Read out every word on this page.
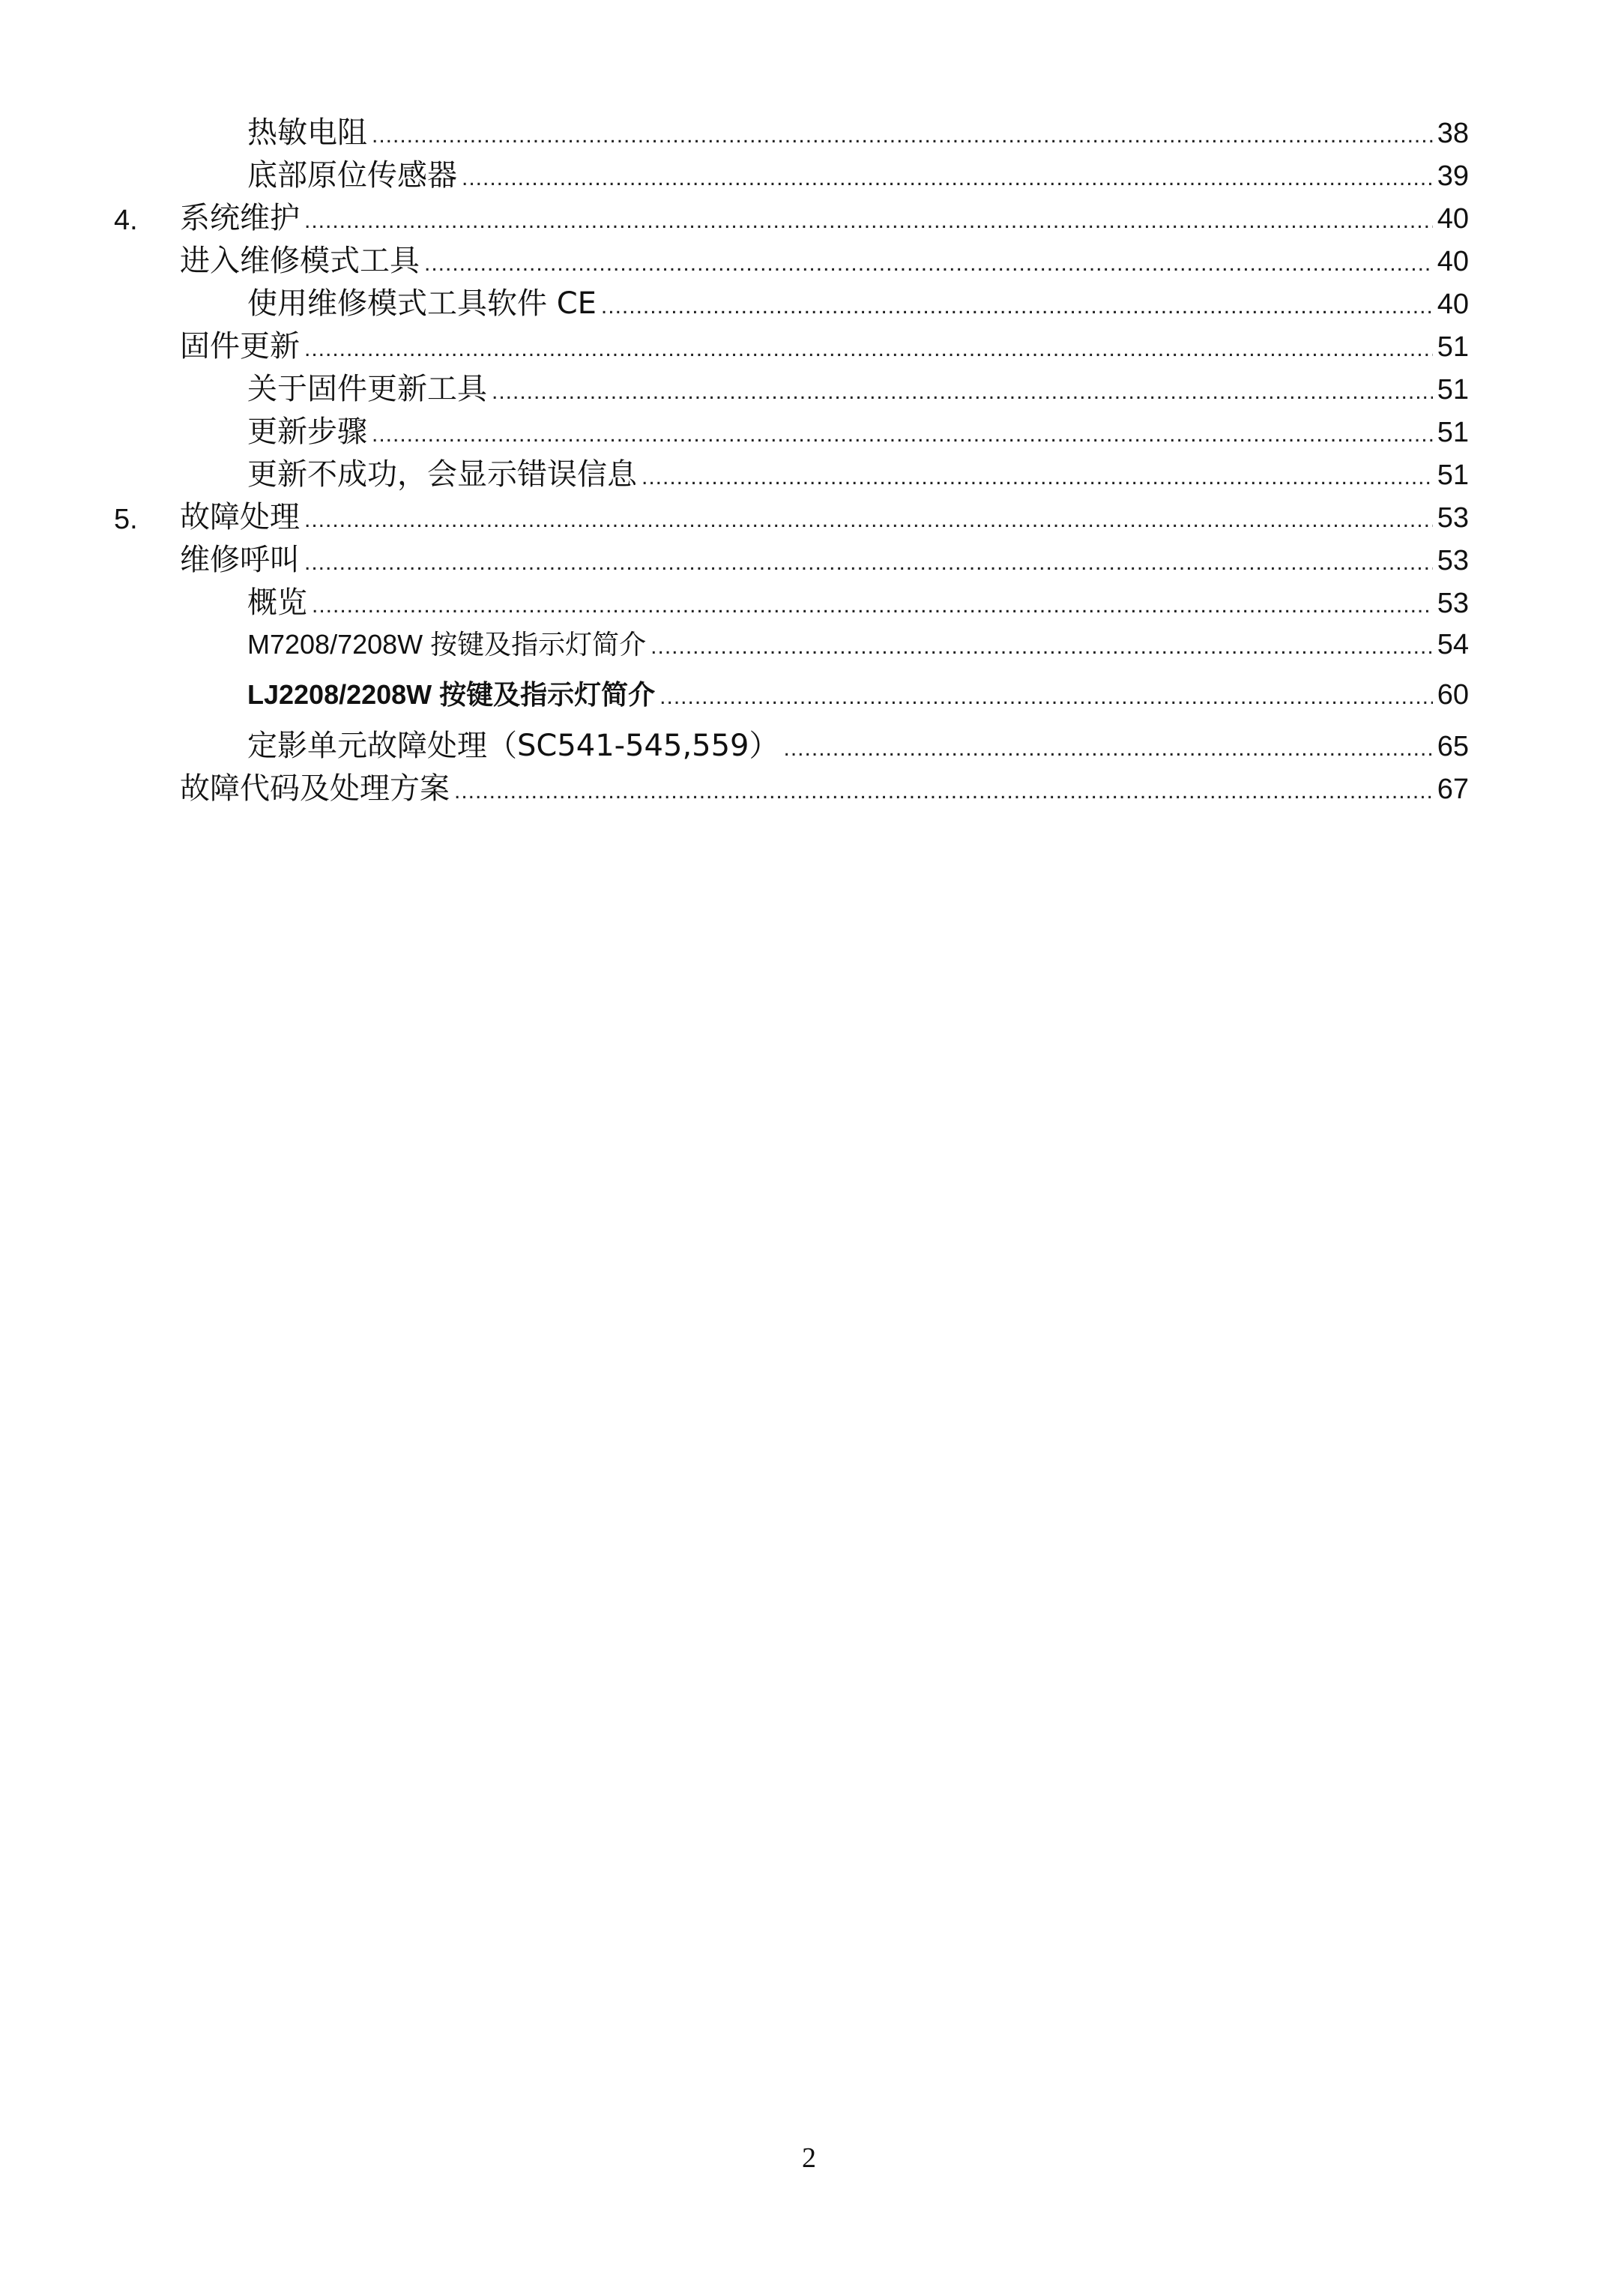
热敏电阻 .....	38
底部原位传感器 .....	39
4. 系统维护 .....	40
进入维修模式工具 .....	40
使用维修模式工具软件 CE .....	40
固件更新 .....	51
关于固件更新工具 .....	51
更新步骤 .....	51
更新不成功，会显示错误信息 .....	51
5. 故障处理 .....	53
维修呼叫 .....	53
概览 .....	53
M7208/7208W 按键及指示灯简介 .....	54
LJ2208/2208W 按键及指示灯简介 .....	60
定影单元故障处理（SC541-545,559） .....	65
故障代码及处理方案 .....	67
2
